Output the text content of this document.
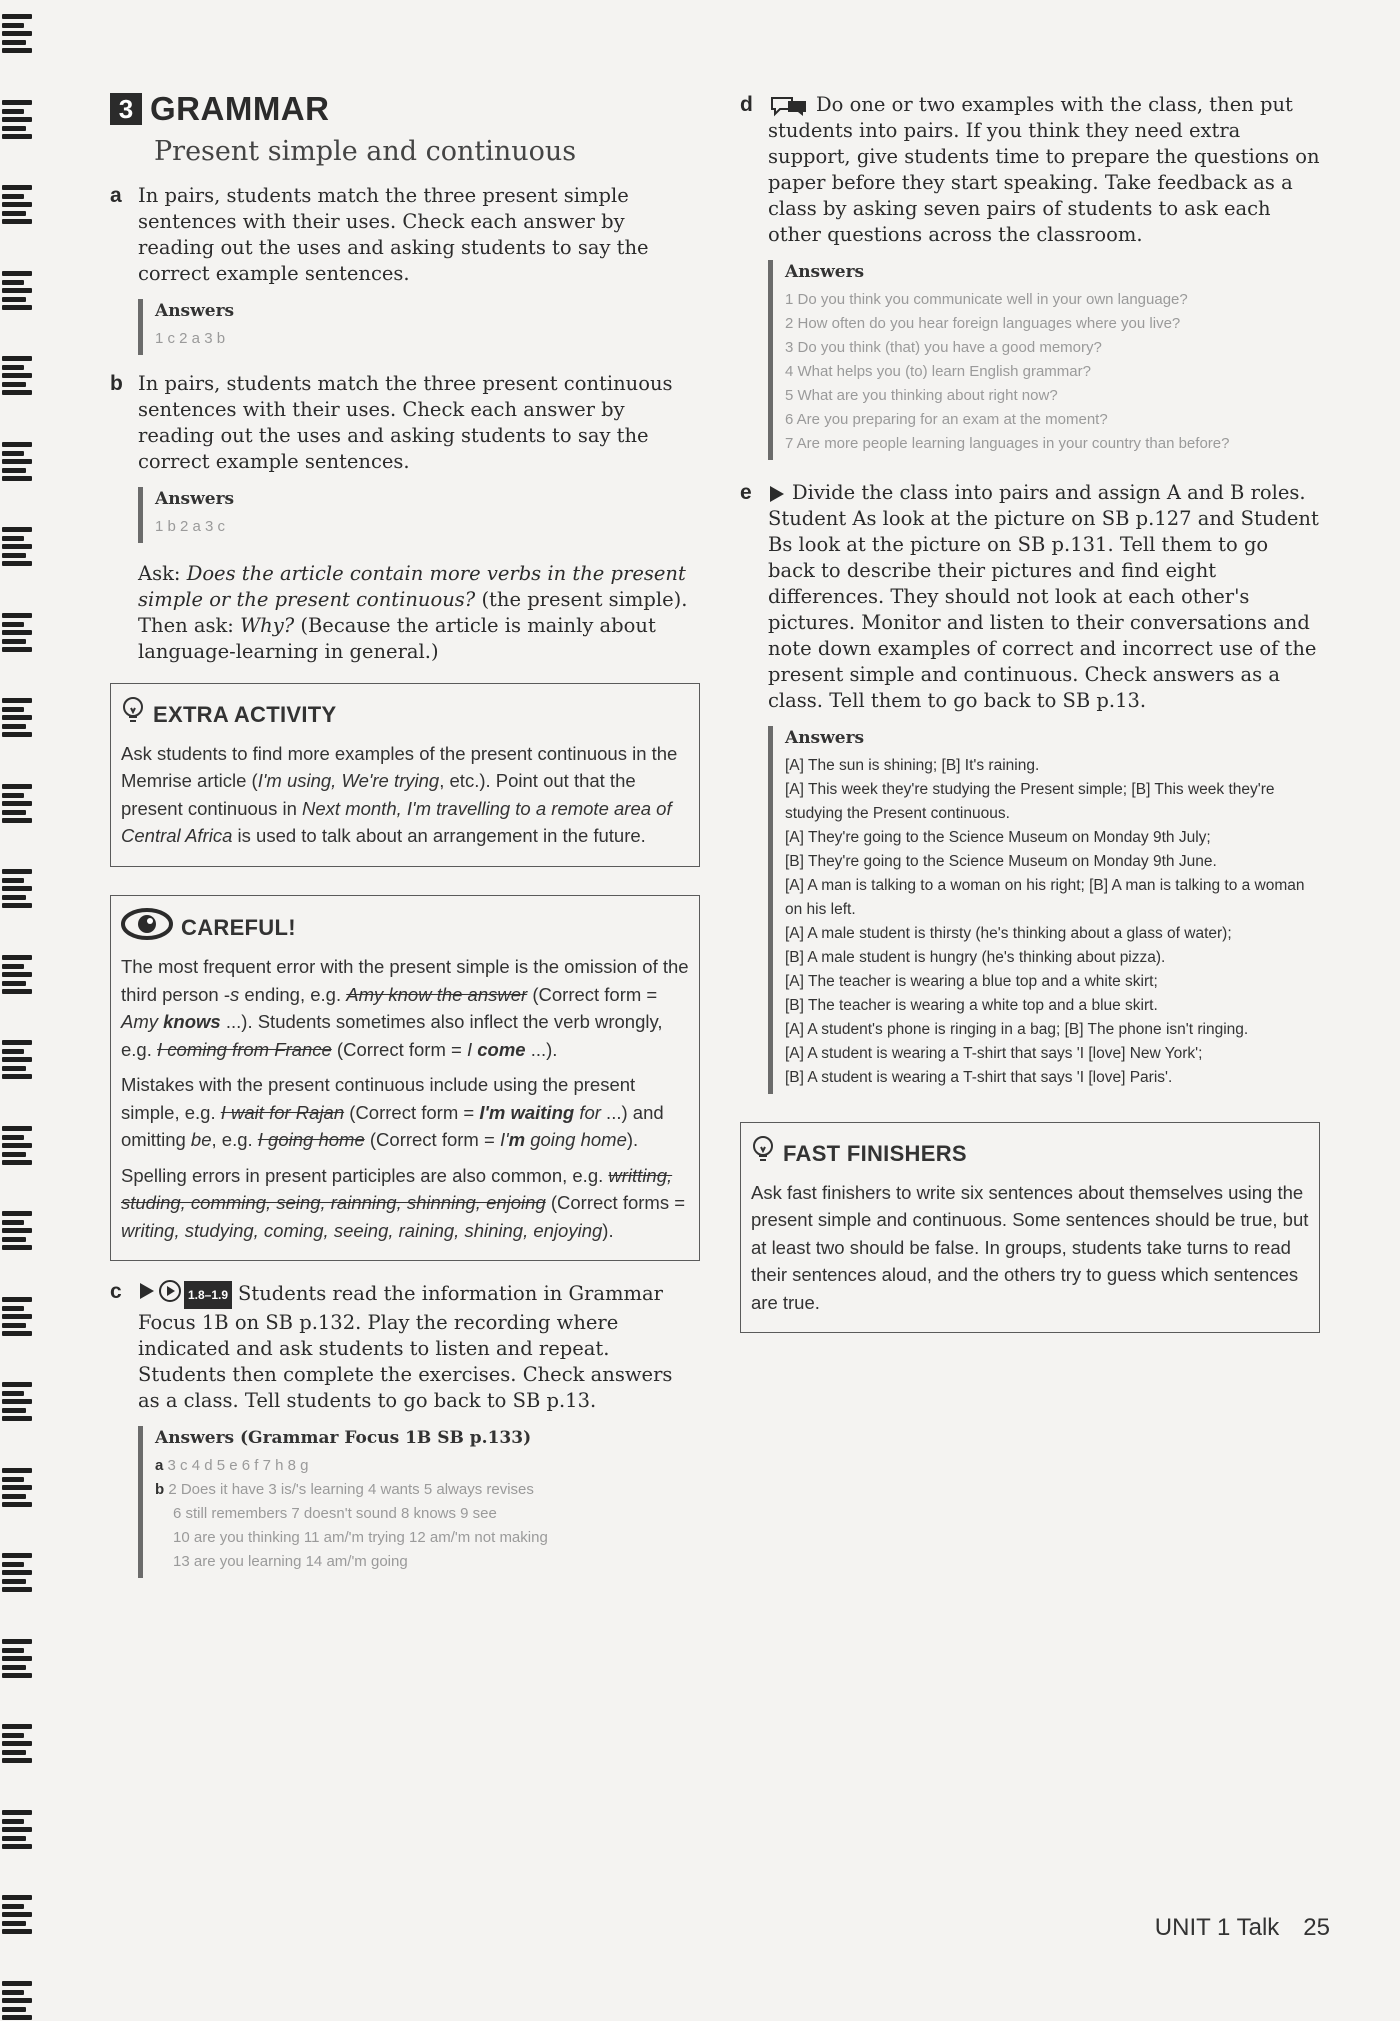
3 GRAMMAR
Present simple and continuous
a In pairs, students match the three present simple sentences with their uses. Check each answer by reading out the uses and asking students to say the correct example sentences.
Answers
1 c 2 a 3 b
b In pairs, students match the three present continuous sentences with their uses. Check each answer by reading out the uses and asking students to say the correct example sentences.
Answers
1 b 2 a 3 c
Ask: Does the article contain more verbs in the present simple or the present continuous? (the present simple). Then ask: Why? (Because the article is mainly about language-learning in general.)
EXTRA ACTIVITY

Ask students to find more examples of the present continuous in the Memrise article (I'm using, We're trying, etc.). Point out that the present continuous in Next month, I'm travelling to a remote area of Central Africa is used to talk about an arrangement in the future.

CAREFUL!

The most frequent error with the present simple is the omission of the third person -s ending, e.g. Amy know the answer (Correct form = Amy knows ...). Students sometimes also inflect the verb wrongly, e.g. I coming from France (Correct form = I come ...).

Mistakes with the present continuous include using the present simple, e.g. I wait for Rajan (Correct form = I'm waiting for ...) and omitting be, e.g. I going home (Correct form = I'm going home).

Spelling errors in present participles are also common, e.g. writting, studing, comming, seing, rainning, shinning, enjoing (Correct forms = writing, studying, coming, seeing, raining, shining, enjoying).

c	1.8–1.9 Students read the information in Grammar Focus 1B on SB p.132. Play the recording where indicated and ask students to listen and repeat. Students then complete the exercises. Check answers as a class. Tell students to go back to SB p.13.
Answers (Grammar Focus 1B SB p.133)
a 3 c 4 d 5 e 6 f 7 h 8 g
b 2 Does it have 3 is/'s learning 4 wants 5 always revises
6 still remembers 7 doesn't sound 8 knows 9 see
10 are you thinking 11 am/'m trying 12 am/'m not making
13 are you learning 14 am/'m going
d	Do one or two examples with the class, then put students into pairs. If you think they need extra support, give students time to prepare the questions on paper before they start speaking. Take feedback as a class by asking seven pairs of students to ask each other questions across the classroom.
Answers
1 Do you think you communicate well in your own language?
2 How often do you hear foreign languages where you live?
3 Do you think (that) you have a good memory?
4 What helps you (to) learn English grammar?
5 What are you thinking about right now?
6 Are you preparing for an exam at the moment?
7 Are more people learning languages in your country than before?
e	Divide the class into pairs and assign A and B roles. Student As look at the picture on SB p.127 and Student Bs look at the picture on SB p.131. Tell them to go back to describe their pictures and find eight differences. They should not look at each other's pictures. Monitor and listen to their conversations and note down examples of correct and incorrect use of the present simple and continuous. Check answers as a class. Tell them to go back to SB p.13.
Answers
[A] The sun is shining; [B] It's raining.
[A] This week they're studying the Present simple; [B] This week they're studying the Present continuous.
[A] They're going to the Science Museum on Monday 9th July;
[B] They're going to the Science Museum on Monday 9th June.
[A] A man is talking to a woman on his right; [B] A man is talking to a woman on his left.
[A] A male student is thirsty (he's thinking about a glass of water);
[B] A male student is hungry (he's thinking about pizza).
[A] The teacher is wearing a blue top and a white skirt;
[B] The teacher is wearing a white top and a blue skirt.
[A] A student's phone is ringing in a bag; [B] The phone isn't ringing.
[A] A student is wearing a T-shirt that says 'I [love] New York';
[B] A student is wearing a T-shirt that says 'I [love] Paris'.
FAST FINISHERS

Ask fast finishers to write six sentences about themselves using the present simple and continuous. Some sentences should be true, but at least two should be false. In groups, students take turns to read their sentences aloud, and the others try to guess which sentences are true.

UNIT 1 Talk 25
